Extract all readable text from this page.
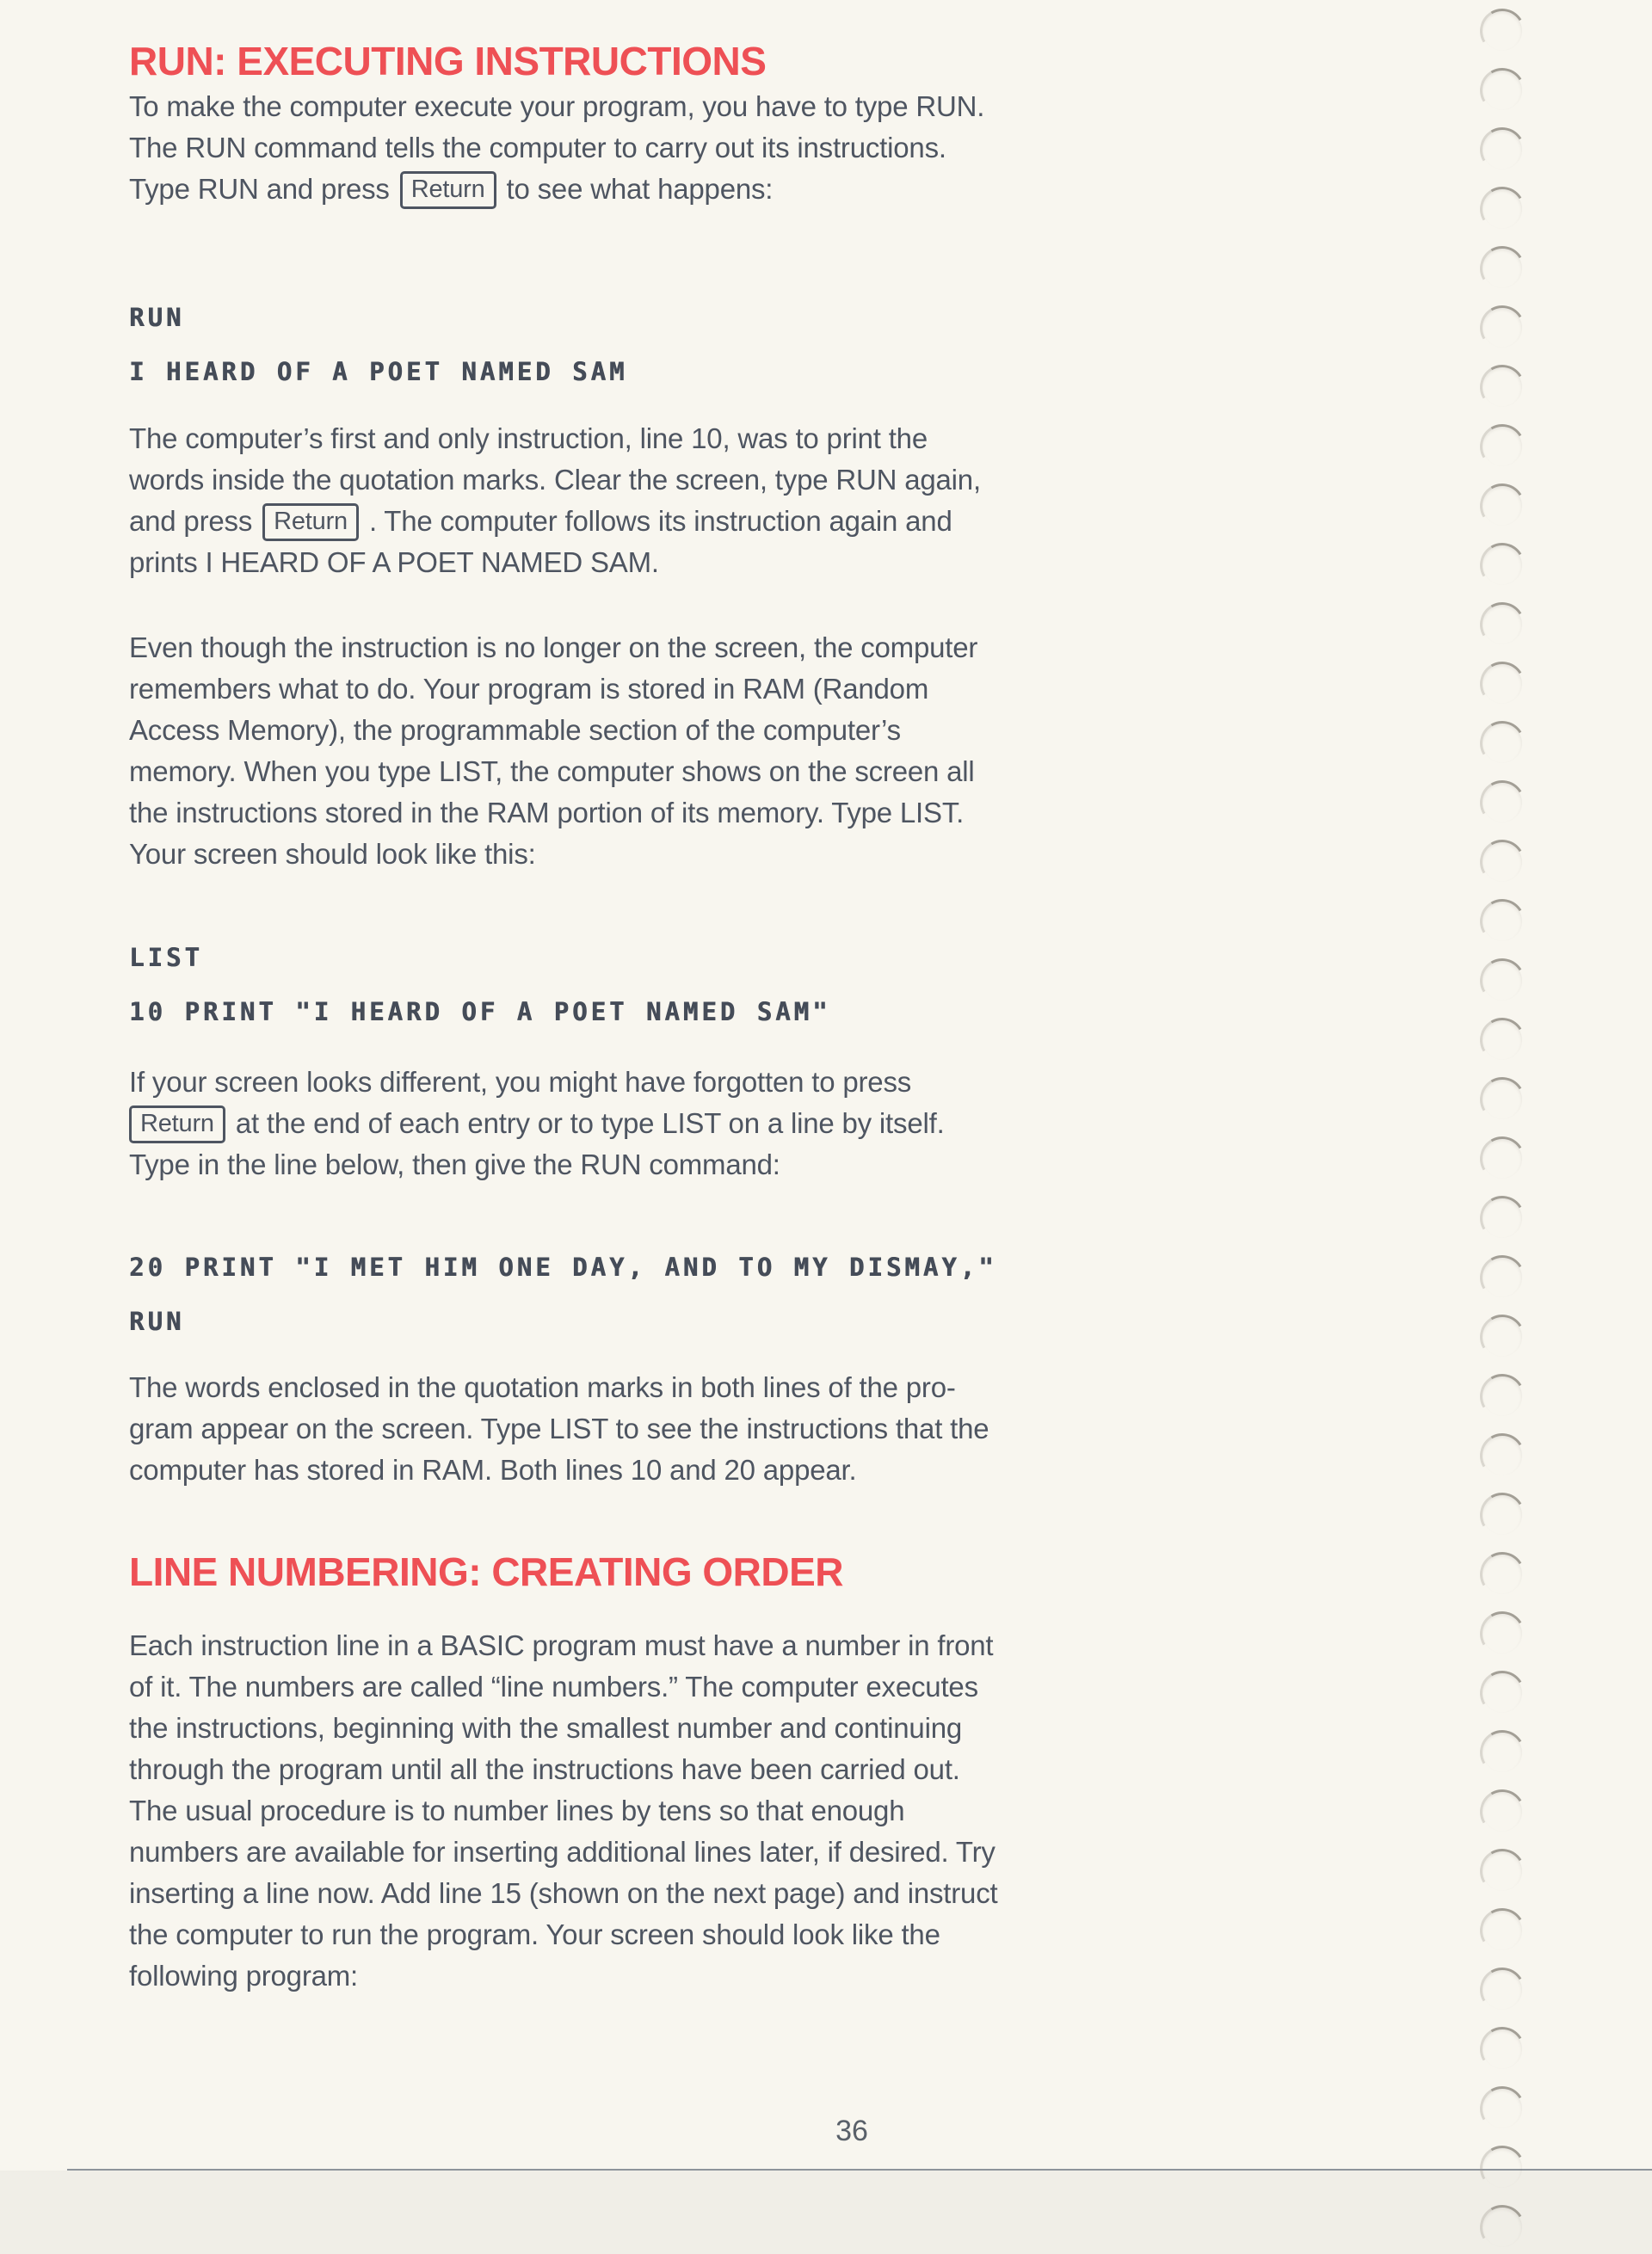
RUN: EXECUTING INSTRUCTIONS
To make the computer execute your program, you have to type RUN.
The RUN command tells the computer to carry out its instructions.
Type RUN and press Return to see what happens:
RUN
I HEARD OF A POET NAMED SAM
The computer’s first and only instruction, line 10, was to print the
words inside the quotation marks. Clear the screen, type RUN again,
and press Return . The computer follows its instruction again and
prints I HEARD OF A POET NAMED SAM.
Even though the instruction is no longer on the screen, the computer
remembers what to do. Your program is stored in RAM (Random
Access Memory), the programmable section of the computer’s
memory. When you type LIST, the computer shows on the screen all
the instructions stored in the RAM portion of its memory. Type LIST.
Your screen should look like this:
LIST
10 PRINT "I HEARD OF A POET NAMED SAM"
If your screen looks different, you might have forgotten to press
Return at the end of each entry or to type LIST on a line by itself.
Type in the line below, then give the RUN command:
20 PRINT "I MET HIM ONE DAY, AND TO MY DISMAY,"
RUN
The words enclosed in the quotation marks in both lines of the pro-
gram appear on the screen. Type LIST to see the instructions that the
computer has stored in RAM. Both lines 10 and 20 appear.
LINE NUMBERING: CREATING ORDER
Each instruction line in a BASIC program must have a number in front
of it. The numbers are called “line numbers.” The computer executes
the instructions, beginning with the smallest number and continuing
through the program until all the instructions have been carried out.
The usual procedure is to number lines by tens so that enough
numbers are available for inserting additional lines later, if desired. Try
inserting a line now. Add line 15 (shown on the next page) and instruct
the computer to run the program. Your screen should look like the
following program:
36
